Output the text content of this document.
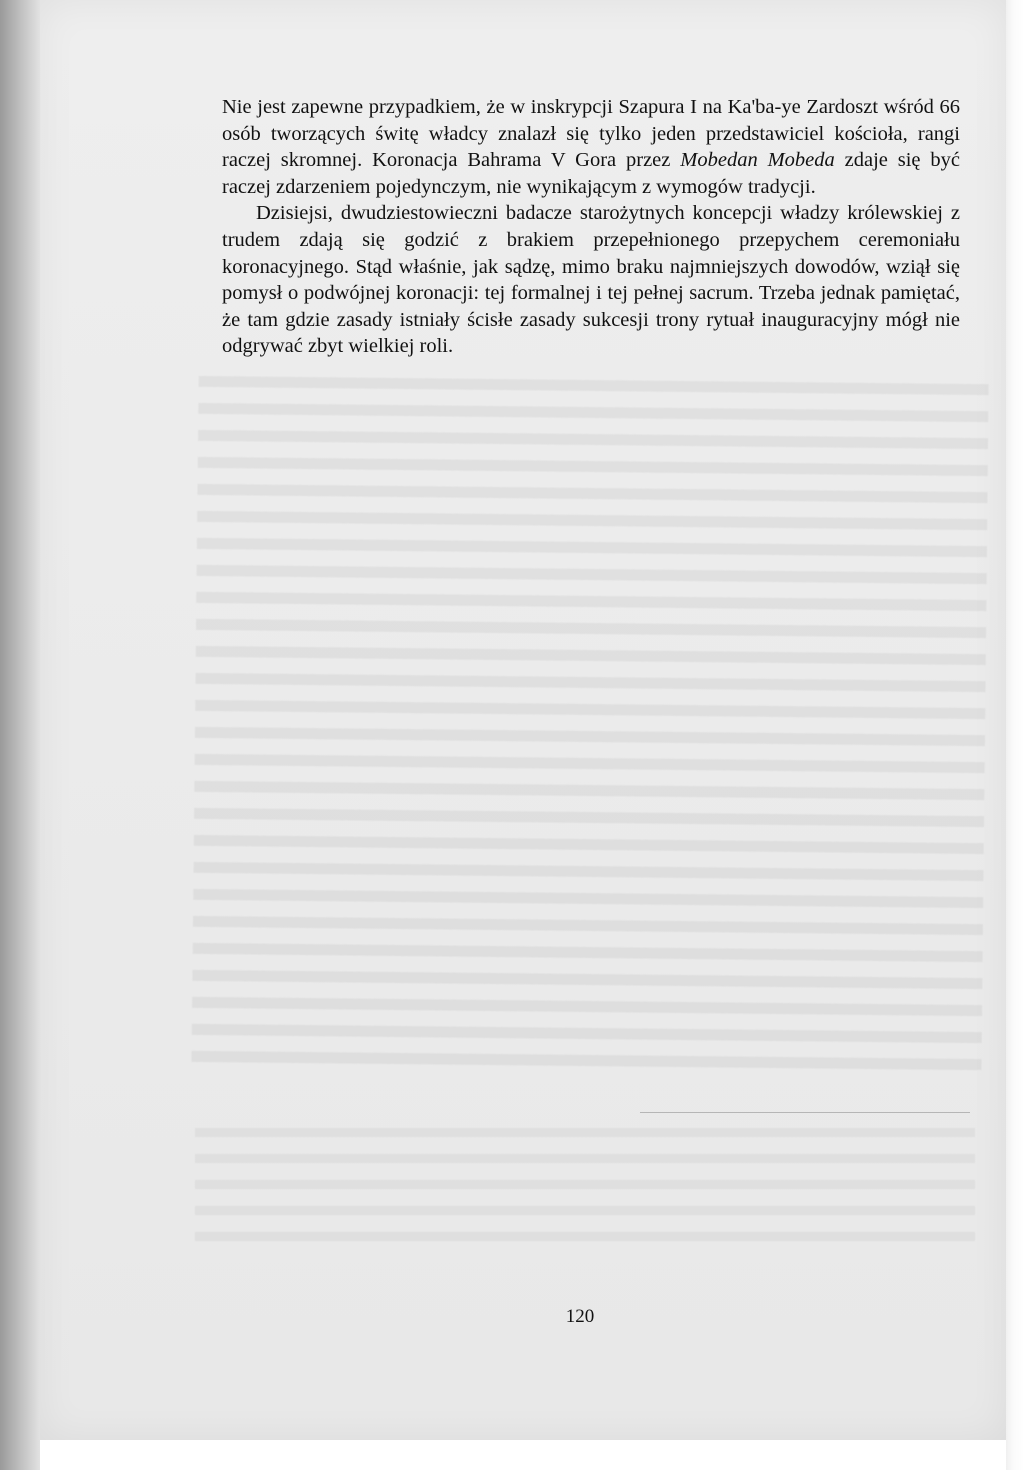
Nie jest zapewne przypadkiem, że w inskrypcji Szapura I na Ka'ba-ye Zardoszt wśród 66 osób tworzących świtę władcy znalazł się tylko jeden przedstawiciel kościoła, rangi raczej skromnej. Koronacja Bahrama V Gora przez Mobedan Mobeda zdaje się być raczej zdarzeniem pojedynczym, nie wynikającym z wymogów tradycji.

Dzisiejsi, dwudziestowieczni badacze starożytnych koncepcji władzy królewskiej z trudem zdają się godzić z brakiem przepełnionego przepychem ceremoniału koronacyjnego. Stąd właśnie, jak sądzę, mimo braku najmniejszych dowodów, wziął się pomysł o podwójnej koronacji: tej formalnej i tej pełnej sacrum. Trzeba jednak pamiętać, że tam gdzie zasady istniały ścisłe zasady sukcesji trony rytuał inauguracyjny mógł nie odgrywać zbyt wielkiej roli.

120
